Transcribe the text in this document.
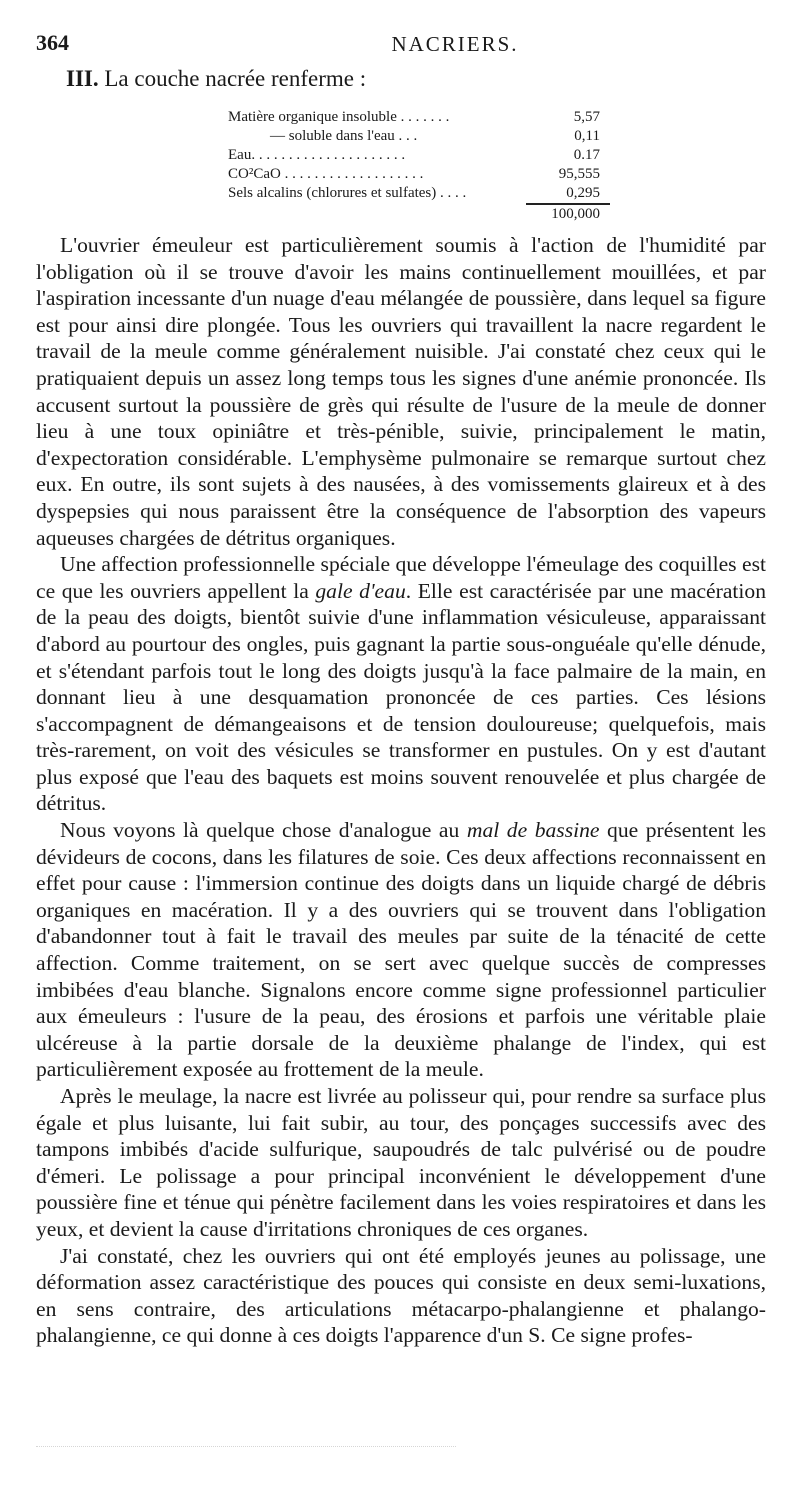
364	NACRIERS.
III. La couche nacrée renferme :
Matière organique insoluble . . . . . . .	5,57
— soluble dans l'eau . . .	0,11
Eau. . . . . . . . . . . . . . . . . . . . .	0.17
CO²CaO . . . . . . . . . . . . . . . . . . .	95,555
Sels alcalins (chlorures et sulfates) . . . .	0,295
100,000

L'ouvrier émeuleur est particulièrement soumis à l'action de l'humidité par l'obligation où il se trouve d'avoir les mains continuellement mouillées, et par l'aspiration incessante d'un nuage d'eau mélangée de poussière, dans lequel sa figure est pour ainsi dire plongée. Tous les ouvriers qui travaillent la nacre regardent le travail de la meule comme généralement nuisible. J'ai constaté chez ceux qui le pratiquaient depuis un assez long temps tous les signes d'une anémie prononcée. Ils accusent surtout la poussière de grès qui résulte de l'usure de la meule de donner lieu à une toux opiniâtre et très-pénible, suivie, principalement le matin, d'expectoration considérable. L'emphysème pulmonaire se remarque surtout chez eux. En outre, ils sont sujets à des nausées, à des vomissements glaireux et à des dyspepsies qui nous paraissent être la conséquence de l'absorption des vapeurs aqueuses chargées de détritus organiques.

Une affection professionnelle spéciale que développe l'émeulage des coquilles est ce que les ouvriers appellent la gale d'eau. Elle est caractérisée par une macération de la peau des doigts, bientôt suivie d'une inflammation vésiculeuse, apparaissant d'abord au pourtour des ongles, puis gagnant la partie sous-onguéale qu'elle dénude, et s'étendant parfois tout le long des doigts jusqu'à la face palmaire de la main, en donnant lieu à une desquamation prononcée de ces parties. Ces lésions s'accompagnent de démangeaisons et de tension douloureuse; quelquefois, mais très-rarement, on voit des vésicules se transformer en pustules. On y est d'autant plus exposé que l'eau des baquets est moins souvent renouvelée et plus chargée de détritus.

Nous voyons là quelque chose d'analogue au mal de bassine que présentent les dévideurs de cocons, dans les filatures de soie. Ces deux affections reconnaissent en effet pour cause : l'immersion continue des doigts dans un liquide chargé de débris organiques en macération. Il y a des ouvriers qui se trouvent dans l'obligation d'abandonner tout à fait le travail des meules par suite de la ténacité de cette affection. Comme traitement, on se sert avec quelque succès de compresses imbibées d'eau blanche. Signalons encore comme signe professionnel particulier aux émeuleurs : l'usure de la peau, des érosions et parfois une véritable plaie ulcéreuse à la partie dorsale de la deuxième phalange de l'index, qui est particulièrement exposée au frottement de la meule.

Après le meulage, la nacre est livrée au polisseur qui, pour rendre sa surface plus égale et plus luisante, lui fait subir, au tour, des ponçages successifs avec des tampons imbibés d'acide sulfurique, saupoudrés de talc pulvérisé ou de poudre d'émeri. Le polissage a pour principal inconvénient le développement d'une poussière fine et ténue qui pénètre facilement dans les voies respiratoires et dans les yeux, et devient la cause d'irritations chroniques de ces organes.

J'ai constaté, chez les ouvriers qui ont été employés jeunes au polissage, une déformation assez caractéristique des pouces qui consiste en deux semi-luxations, en sens contraire, des articulations métacarpo-phalangienne et phalango-phalangienne, ce qui donne à ces doigts l'apparence d'un S. Ce signe profes-
